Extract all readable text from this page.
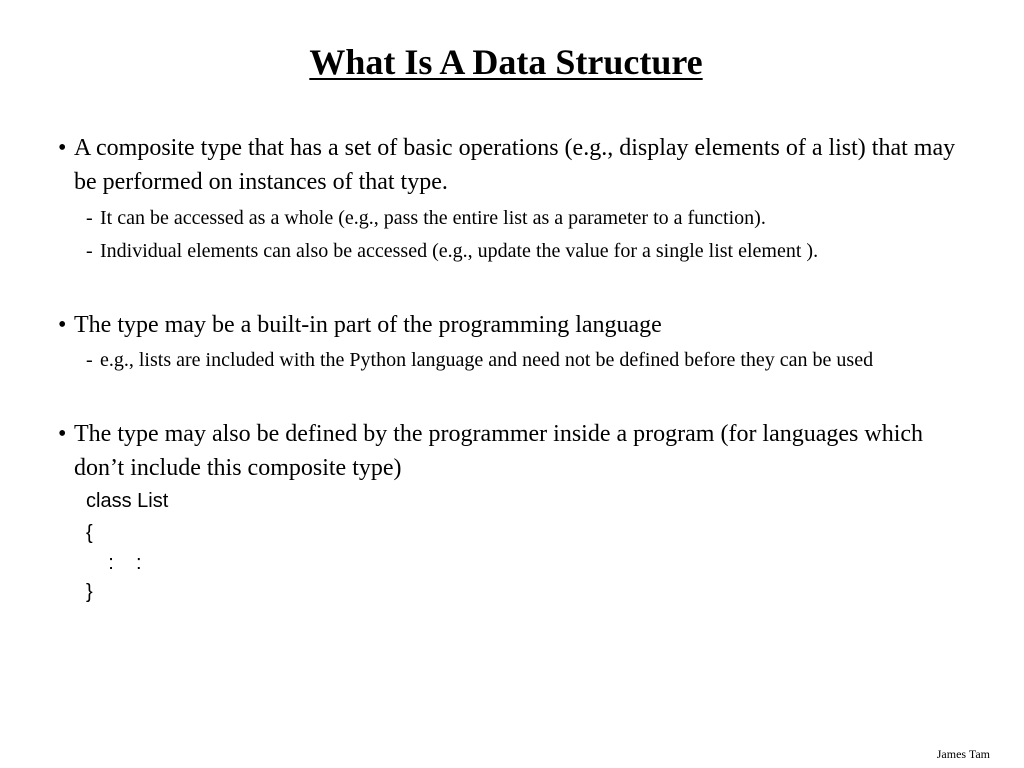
What Is A Data Structure
• A composite type that has a set of basic operations (e.g., display elements of a list) that may be performed on instances of that type.
- It can be accessed as a whole (e.g., pass the entire list as a parameter to a function).
- Individual elements can also be accessed (e.g., update the value for a single list element ).
• The type may be a built-in part of the programming language
- e.g., lists are included with the Python language and need not be defined before they can be used
• The type may also be defined by the programmer inside a program (for languages which don’t include this composite type)
class List
{
:    :
}

James Tam
